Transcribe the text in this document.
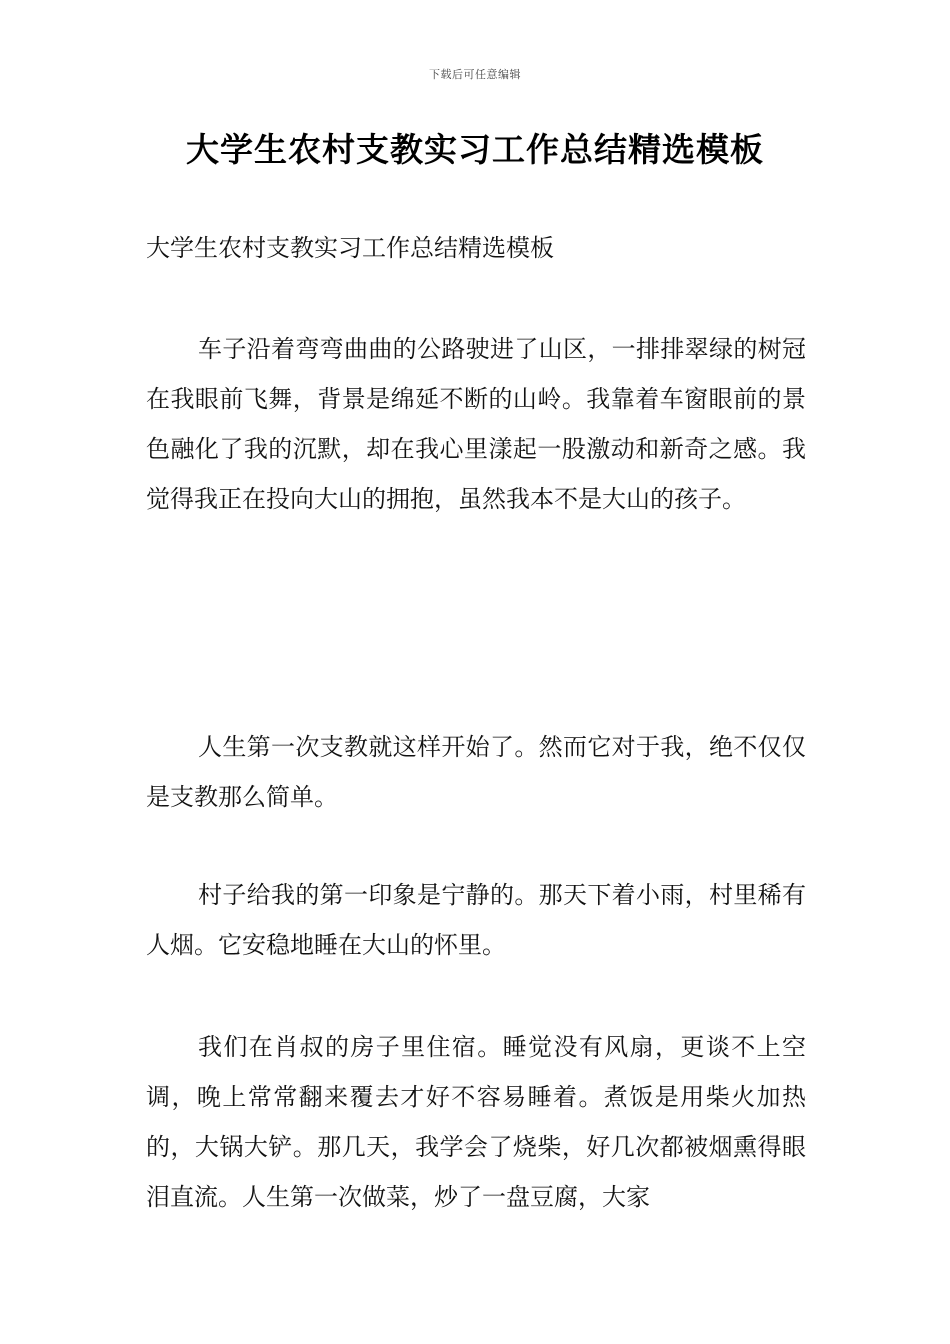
下载后可任意编辑
大学生农村支教实习工作总结精选模板
大学生农村支教实习工作总结精选模板

车子沿着弯弯曲曲的公路驶进了山区，一排排翠绿的树冠在我眼前飞舞，背景是绵延不断的山岭。我靠着车窗眼前的景色融化了我的沉默，却在我心里漾起一股激动和新奇之感。我觉得我正在投向大山的拥抱，虽然我本不是大山的孩子。

人生第一次支教就这样开始了。然而它对于我，绝不仅仅是支教那么简单。

村子给我的第一印象是宁静的。那天下着小雨，村里稀有人烟。它安稳地睡在大山的怀里。

我们在肖叔的房子里住宿。睡觉没有风扇，更谈不上空调，晚上常常翻来覆去才好不容易睡着。煮饭是用柴火加热的，大锅大铲。那几天，我学会了烧柴，好几次都被烟熏得眼泪直流。人生第一次做菜，炒了一盘豆腐，大家
